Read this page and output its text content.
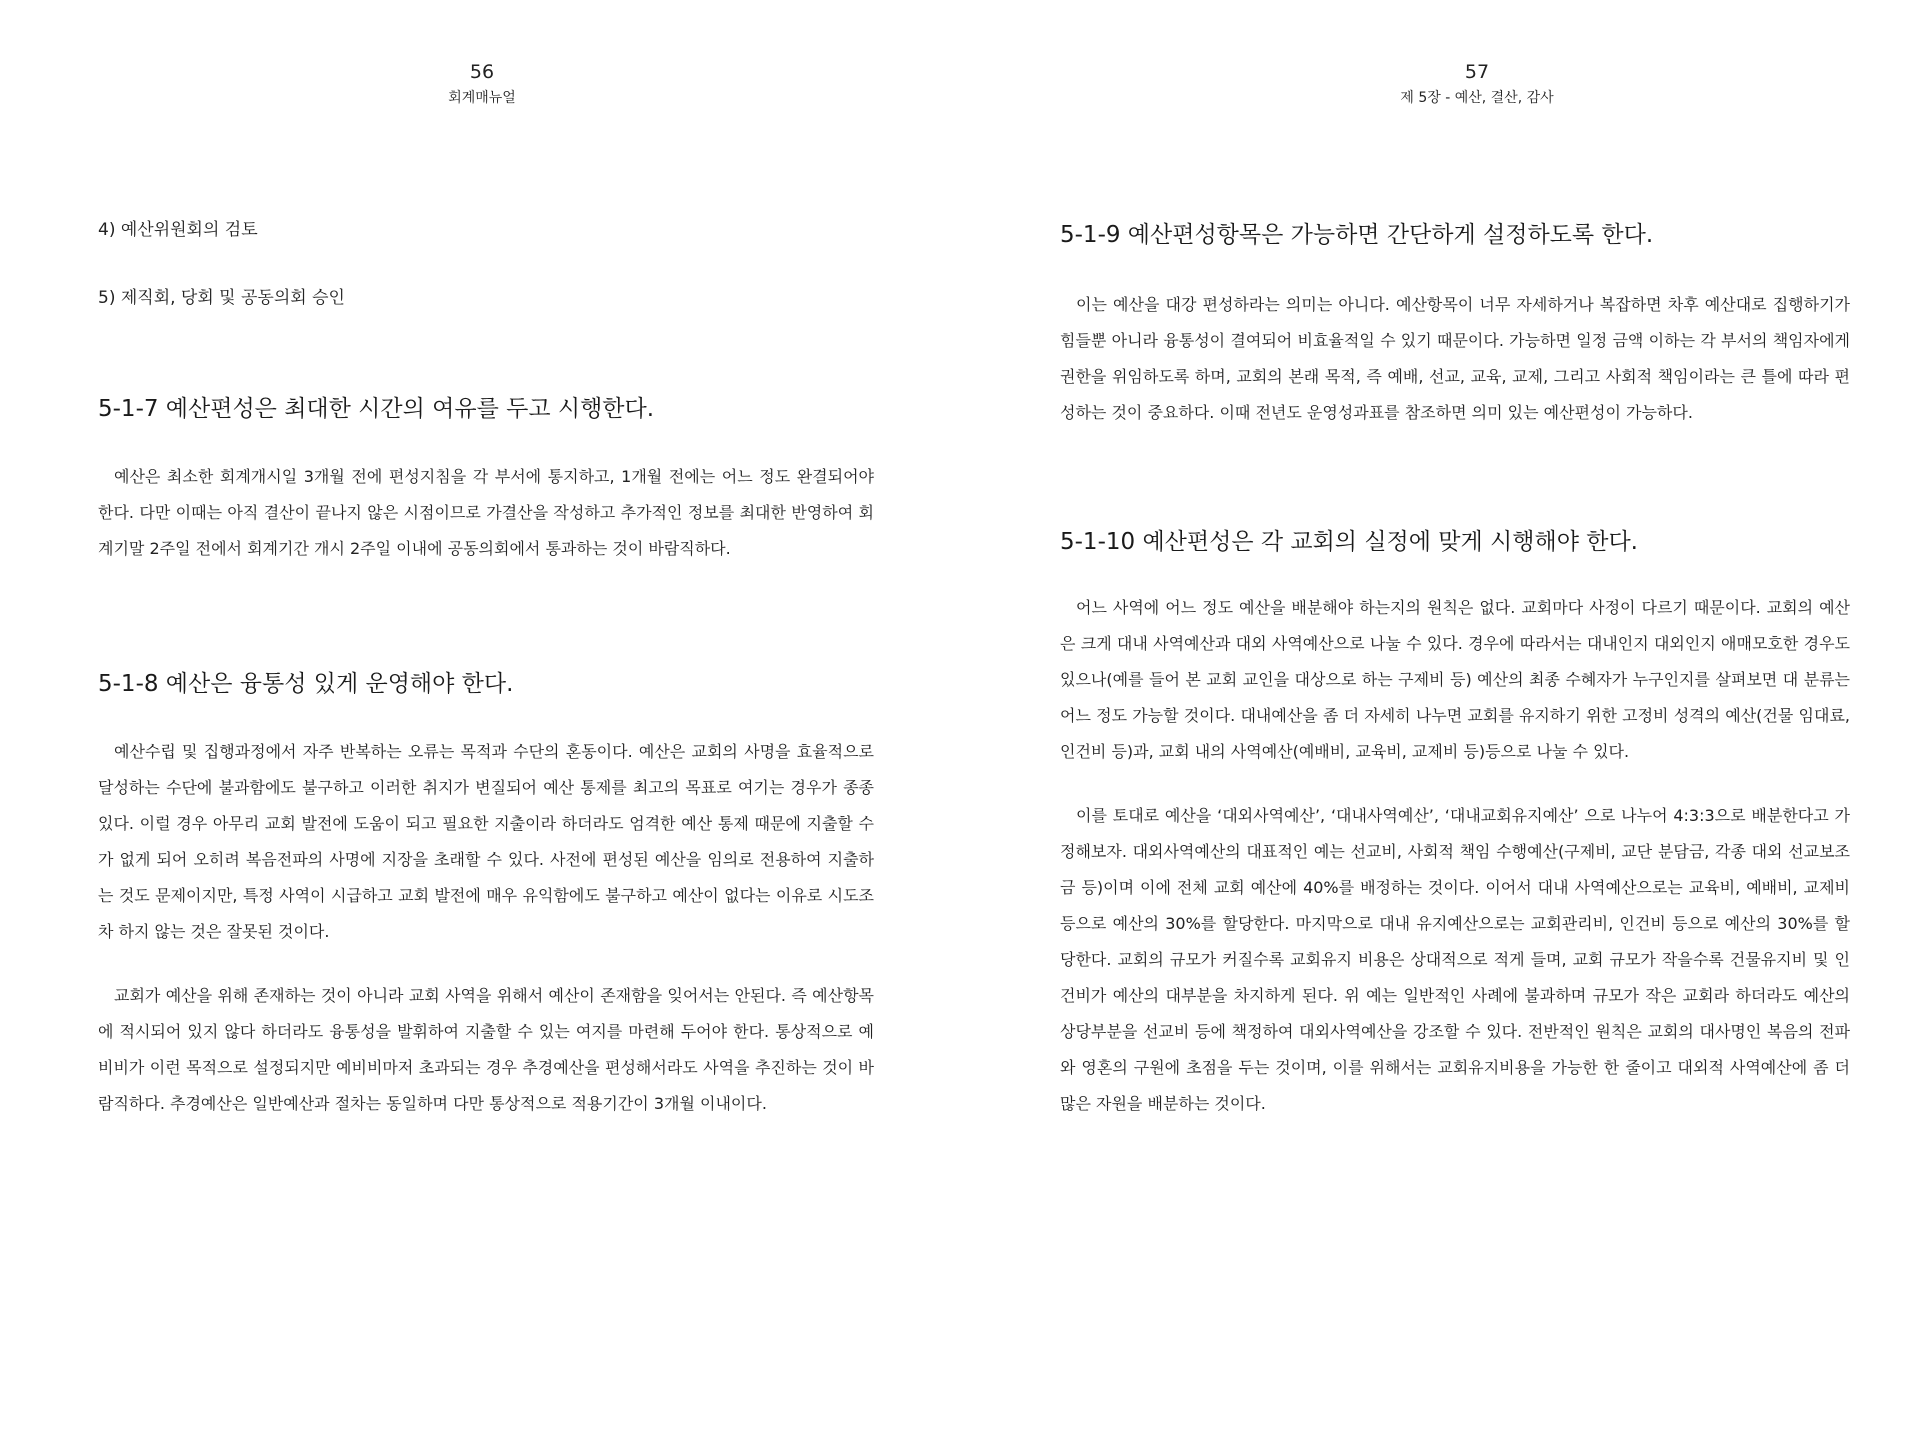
56
회계매뉴얼

4) 예산위원회의 검토

5) 제직회, 당회 및 공동의회 승인

5-1-7 예산편성은 최대한 시간의 여유를 두고 시행한다.

예산은 최소한 회계개시일 3개월 전에 편성지침을 각 부서에 통지하고, 1개월 전에는 어느 정도 완결되어야 한다. 다만 이때는 아직 결산이 끝나지 않은 시점이므로 가결산을 작성하고 추가적인 정보를 최대한 반영하여 회계기말 2주일 전에서 회계기간 개시 2주일 이내에 공동의회에서 통과하는 것이 바람직하다.

5-1-8 예산은 융통성 있게 운영해야 한다.

예산수립 및 집행과정에서 자주 반복하는 오류는 목적과 수단의 혼동이다. 예산은 교회의 사명을 효율적으로 달성하는 수단에 불과함에도 불구하고 이러한 취지가 변질되어 예산 통제를 최고의 목표로 여기는 경우가 종종 있다. 이럴 경우 아무리 교회 발전에 도움이 되고 필요한 지출이라 하더라도 엄격한 예산 통제 때문에 지출할 수가 없게 되어 오히려 복음전파의 사명에 지장을 초래할 수 있다. 사전에 편성된 예산을 임의로 전용하여 지출하는 것도 문제이지만, 특정 사역이 시급하고 교회 발전에 매우 유익함에도 불구하고 예산이 없다는 이유로 시도조차 하지 않는 것은 잘못된 것이다.

교회가 예산을 위해 존재하는 것이 아니라 교회 사역을 위해서 예산이 존재함을 잊어서는 안된다. 즉 예산항목에 적시되어 있지 않다 하더라도 융통성을 발휘하여 지출할 수 있는 여지를 마련해 두어야 한다. 통상적으로 예비비가 이런 목적으로 설정되지만 예비비마저 초과되는 경우 추경예산을 편성해서라도 사역을 추진하는 것이 바람직하다. 추경예산은 일반예산과 절차는 동일하며 다만 통상적으로 적용기간이 3개월 이내이다.

57
제 5장 - 예산, 결산, 감사
5-1-9 예산편성항목은 가능하면 간단하게 설정하도록 한다.

이는 예산을 대강 편성하라는 의미는 아니다. 예산항목이 너무 자세하거나 복잡하면 차후 예산대로 집행하기가 힘들뿐 아니라 융통성이 결여되어 비효율적일 수 있기 때문이다. 가능하면 일정 금액 이하는 각 부서의 책임자에게 권한을 위임하도록 하며, 교회의 본래 목적, 즉 예배, 선교, 교육, 교제, 그리고 사회적 책임이라는 큰 틀에 따라 편성하는 것이 중요하다. 이때 전년도 운영성과표를 참조하면 의미 있는 예산편성이 가능하다.

5-1-10 예산편성은 각 교회의 실정에 맞게 시행해야 한다.

어느 사역에 어느 정도 예산을 배분해야 하는지의 원칙은 없다. 교회마다 사정이 다르기 때문이다. 교회의 예산은 크게 대내 사역예산과 대외 사역예산으로 나눌 수 있다. 경우에 따라서는 대내인지 대외인지 애매모호한 경우도 있으나(예를 들어 본 교회 교인을 대상으로 하는 구제비 등) 예산의 최종 수혜자가 누구인지를 살펴보면 대 분류는 어느 정도 가능할 것이다. 대내예산을 좀 더 자세히 나누면 교회를 유지하기 위한 고정비 성격의 예산(건물 임대료, 인건비 등)과, 교회 내의 사역예산(예배비, 교육비, 교제비 등)등으로 나눌 수 있다.

이를 토대로 예산을 ‘대외사역예산’, ‘대내사역예산’, ‘대내교회유지예산’ 으로 나누어 4:3:3으로 배분한다고 가정해보자. 대외사역예산의 대표적인 예는 선교비, 사회적 책임 수행예산(구제비, 교단 분담금, 각종 대외 선교보조금 등)이며 이에 전체 교회 예산에 40%를 배정하는 것이다. 이어서 대내 사역예산으로는 교육비, 예배비, 교제비 등으로 예산의 30%를 할당한다. 마지막으로 대내 유지예산으로는 교회관리비, 인건비 등으로 예산의 30%를 할당한다. 교회의 규모가 커질수록 교회유지 비용은 상대적으로 적게 들며, 교회 규모가 작을수록 건물유지비 및 인건비가 예산의 대부분을 차지하게 된다. 위 예는 일반적인 사례에 불과하며 규모가 작은 교회라 하더라도 예산의 상당부분을 선교비 등에 책정하여 대외사역예산을 강조할 수 있다. 전반적인 원칙은 교회의 대사명인 복음의 전파와 영혼의 구원에 초점을 두는 것이며, 이를 위해서는 교회유지비용을 가능한 한 줄이고 대외적 사역예산에 좀 더 많은 자원을 배분하는 것이다.
